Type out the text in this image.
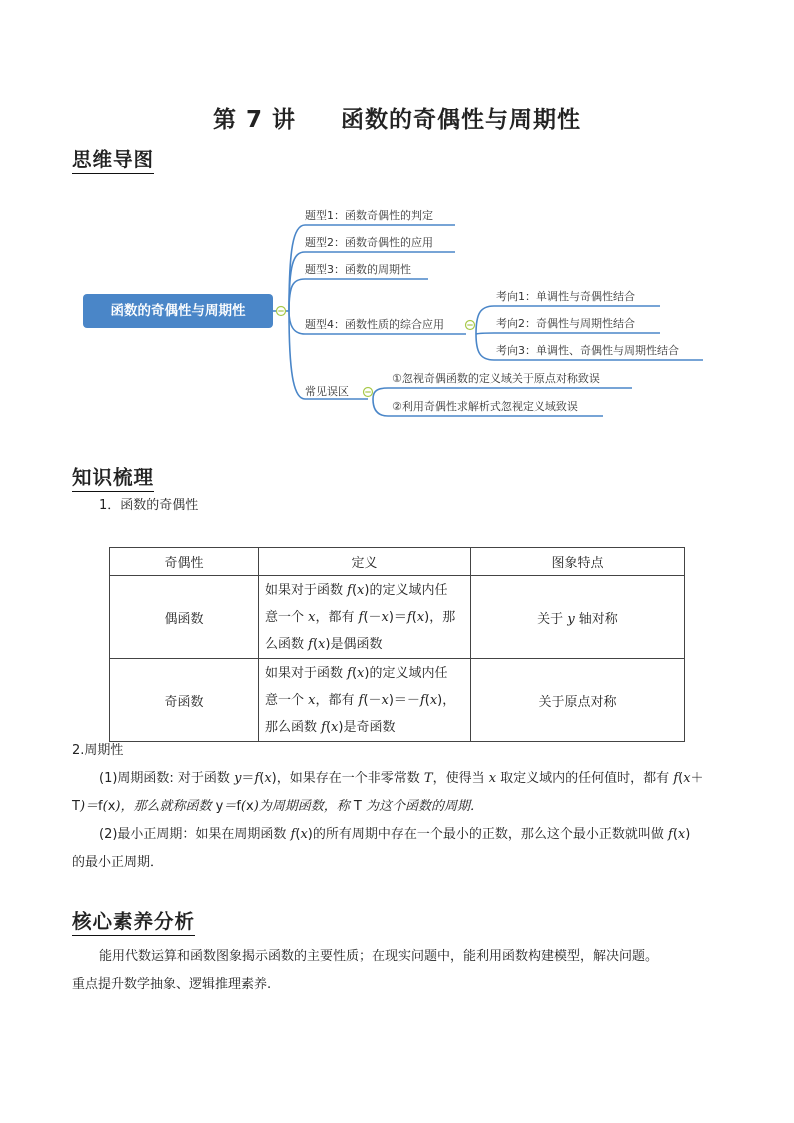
第 7 讲     函数的奇偶性与周期性
思维导图
函数的奇偶性与周期性
题型1：函数奇偶性的判定
题型2：函数奇偶性的应用
题型3：函数的周期性
题型4：函数性质的综合应用
常见误区
考向1：单调性与奇偶性结合
考向2：奇偶性与周期性结合
考向3：单调性、奇偶性与周期性结合
①忽视奇偶函数的定义域关于原点对称致误
②利用奇偶性求解析式忽视定义域致误
知识梳理
1．函数的奇偶性
奇偶性	定义	图象特点
偶函数	如果对于函数 f(x)的定义域内任
意一个 x，都有 f(－x)＝f(x)，那
么函数 f(x)是偶函数	关于 y 轴对称
奇函数	如果对于函数 f(x)的定义域内任
意一个 x，都有 f(－x)＝－f(x)，
那么函数 f(x)是奇函数	关于原点对称
2.周期性
(1)周期函数: 对于函数 y＝f(x)，如果存在一个非零常数 T，使得当 x 取定义域内的任何值时，都有 f(x＋
T)＝f(x)，那么就称函数 y＝f(x)为周期函数，称 T 为这个函数的周期．
(2)最小正周期：如果在周期函数 f(x)的所有周期中存在一个最小的正数，那么这个最小正数就叫做 f(x)
的最小正周期．
核心素养分析
能用代数运算和函数图象揭示函数的主要性质；在现实问题中，能利用函数构建模型，解决问题。
重点提升数学抽象、逻辑推理素养.
